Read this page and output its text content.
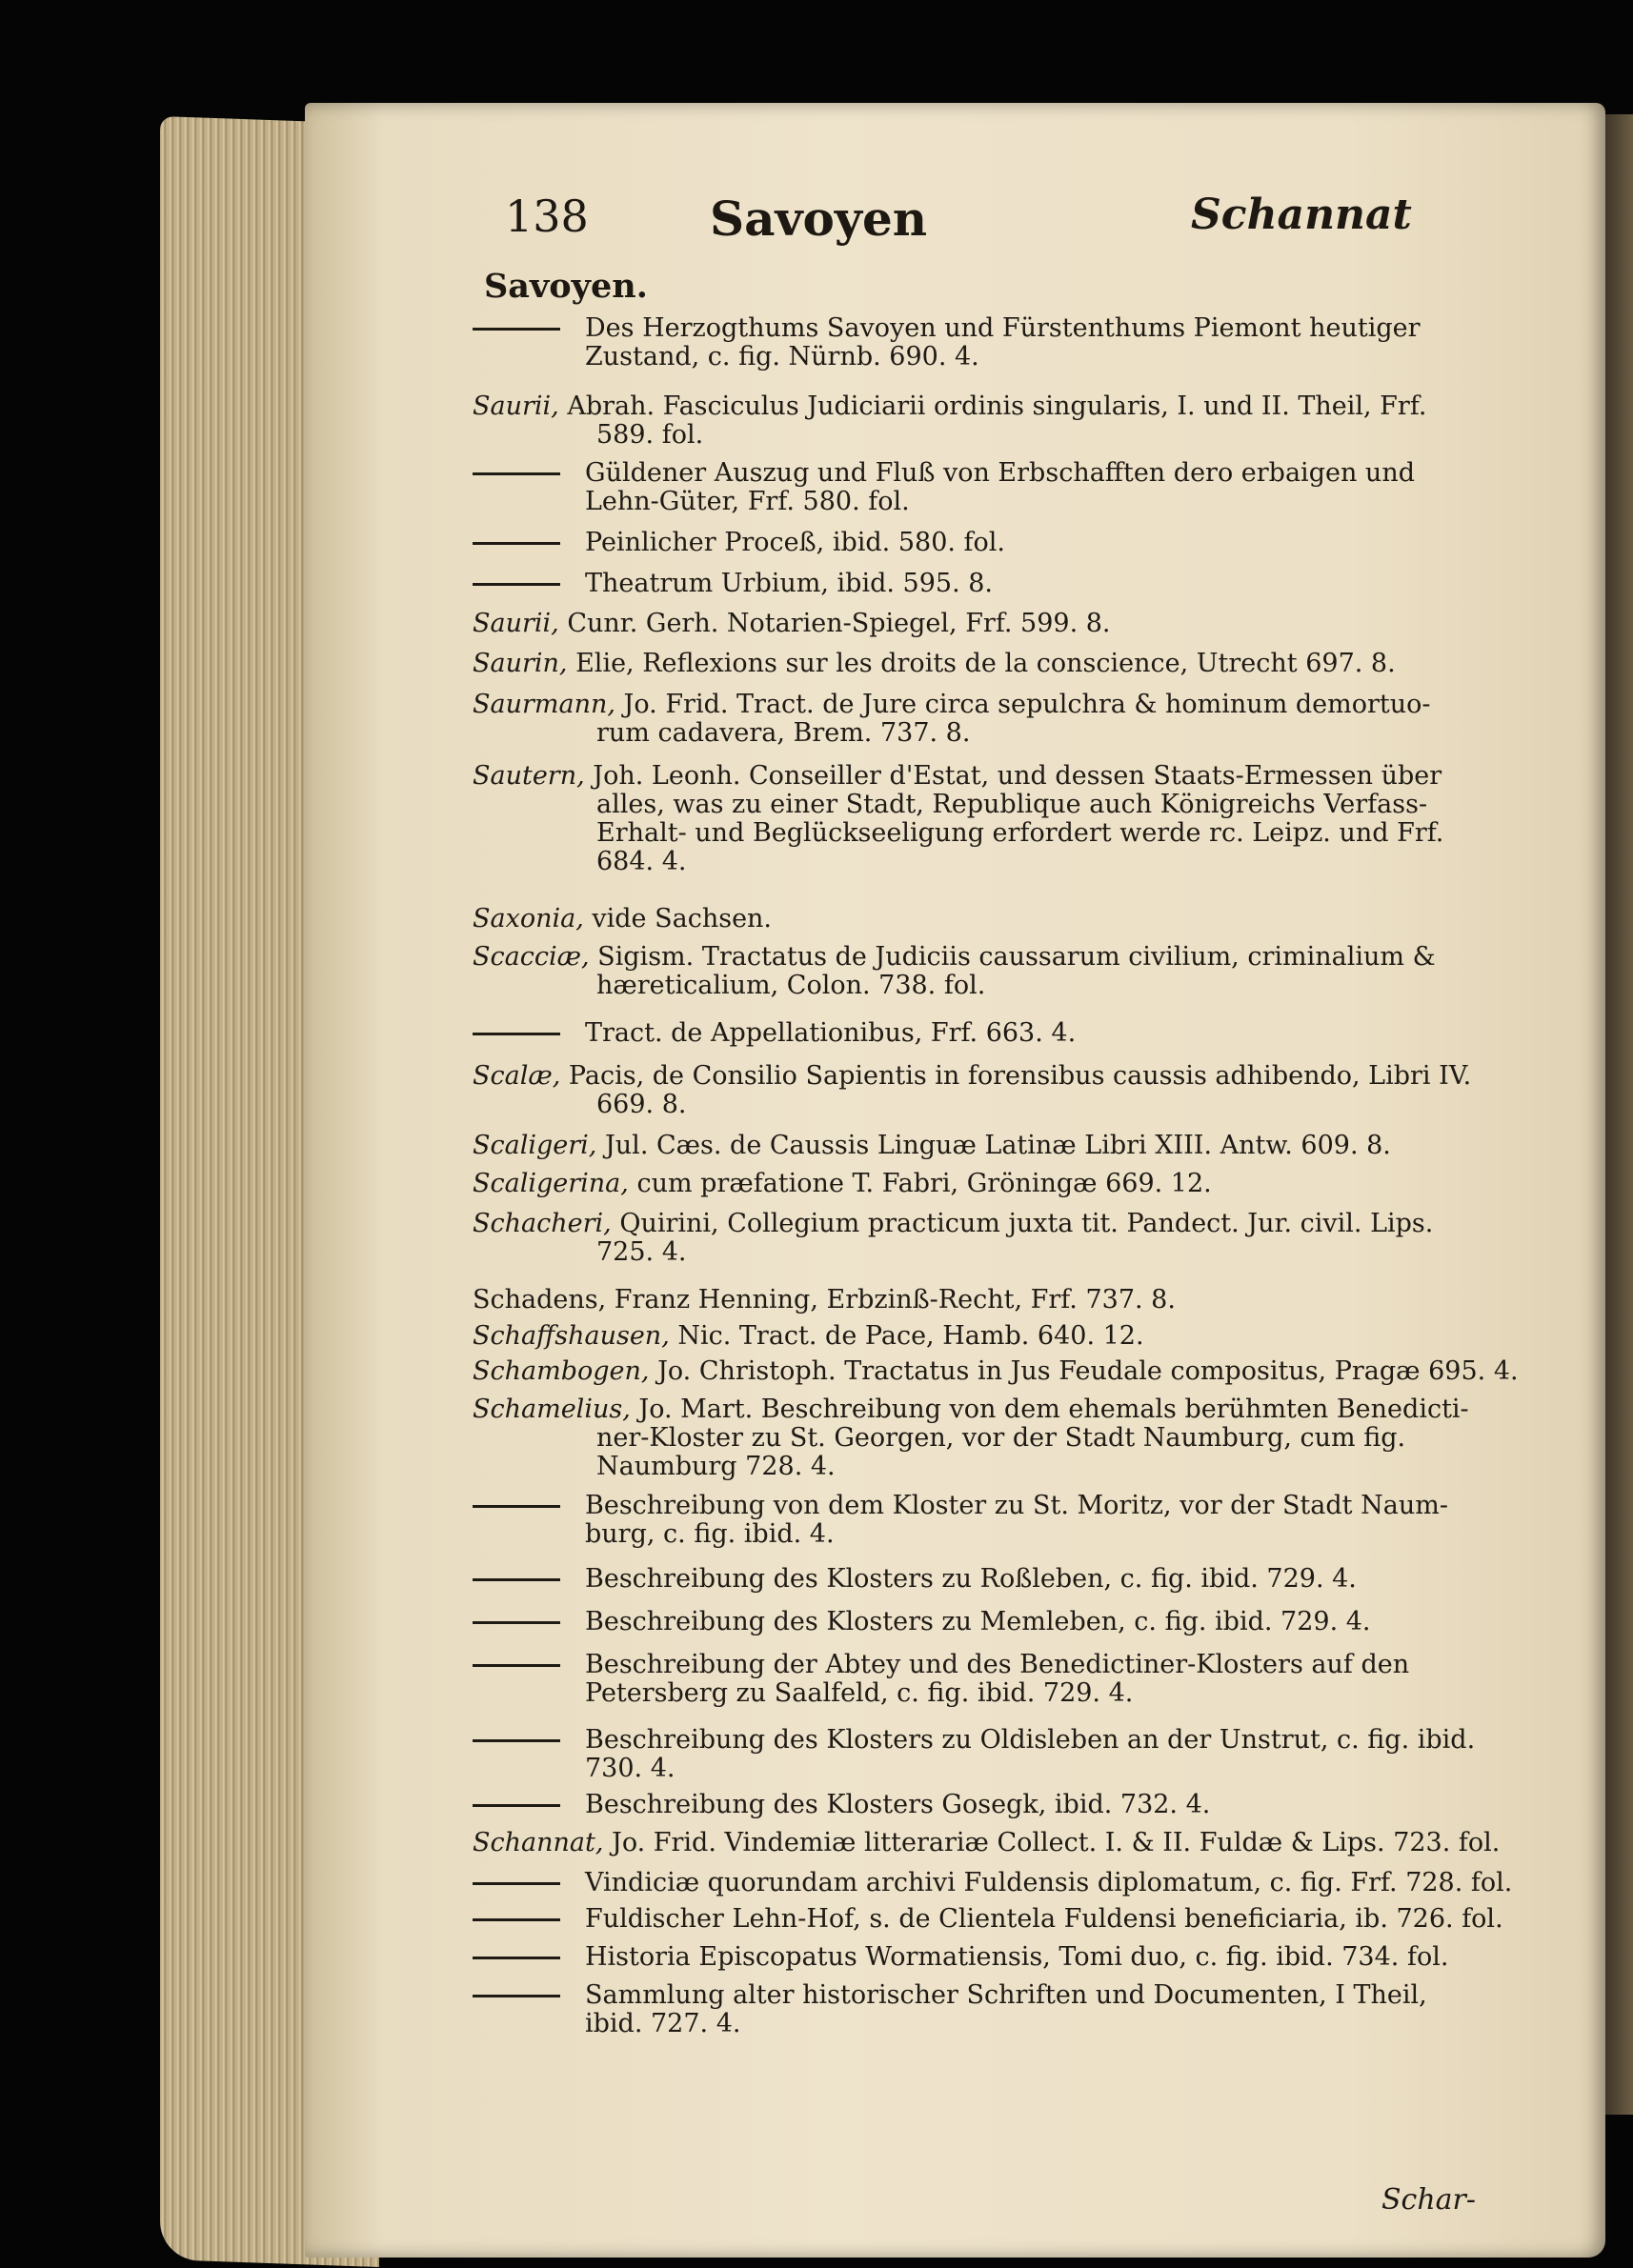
138	Savoyen	Schannat
Savoyen.
Des Herzogthums Savoyen und Fürstenthums Piemont heutiger
Zustand, c. fig. Nürnb. 690. 4.
Saurii, Abrah. Fasciculus Judiciarii ordinis singularis, I. und II. Theil, Frf.
589. fol.
Güldener Auszug und Fluß von Erbschafften dero erbaigen und
Lehn-Güter, Frf. 580. fol.
Peinlicher Proceß, ibid. 580. fol.
Theatrum Urbium, ibid. 595. 8.
Saurii, Cunr. Gerh. Notarien-Spiegel, Frf. 599. 8.
Saurin, Elie, Reflexions sur les droits de la conscience, Utrecht 697. 8.
Saurmann, Jo. Frid. Tract. de Jure circa sepulchra & hominum demortuo-
rum cadavera, Brem. 737. 8.
Sautern, Joh. Leonh. Conseiller d'Estat, und dessen Staats-Ermessen über
alles, was zu einer Stadt, Republique auch Königreichs Verfass-
Erhalt- und Beglückseeligung erfordert werde rc. Leipz. und Frf.
684. 4.
Saxonia, vide Sachsen.
Scacciæ, Sigism. Tractatus de Judiciis caussarum civilium, criminalium &
hæreticalium, Colon. 738. fol.
Tract. de Appellationibus, Frf. 663. 4.
Scalæ, Pacis, de Consilio Sapientis in forensibus caussis adhibendo, Libri IV.
669. 8.
Scaligeri, Jul. Cæs. de Caussis Linguæ Latinæ Libri XIII. Antw. 609. 8.
Scaligerina, cum præfatione T. Fabri, Gröningæ 669. 12.
Schacheri, Quirini, Collegium practicum juxta tit. Pandect. Jur. civil. Lips.
725. 4.
Schadens, Franz Henning, Erbzinß-Recht, Frf. 737. 8.
Schaffshausen, Nic. Tract. de Pace, Hamb. 640. 12.
Schambogen, Jo. Christoph. Tractatus in Jus Feudale compositus, Pragæ 695. 4.
Schamelius, Jo. Mart. Beschreibung von dem ehemals berühmten Benedicti-
ner-Kloster zu St. Georgen, vor der Stadt Naumburg, cum fig.
Naumburg 728. 4.
Beschreibung von dem Kloster zu St. Moritz, vor der Stadt Naum-
burg, c. fig. ibid. 4.
Beschreibung des Klosters zu Roßleben, c. fig. ibid. 729. 4.
Beschreibung des Klosters zu Memleben, c. fig. ibid. 729. 4.
Beschreibung der Abtey und des Benedictiner-Klosters auf den
Petersberg zu Saalfeld, c. fig. ibid. 729. 4.
Beschreibung des Klosters zu Oldisleben an der Unstrut, c. fig. ibid.
730. 4.
Beschreibung des Klosters Gosegk, ibid. 732. 4.
Schannat, Jo. Frid. Vindemiæ litterariæ Collect. I. & II. Fuldæ & Lips. 723. fol.
Vindiciæ quorundam archivi Fuldensis diplomatum, c. fig. Frf. 728. fol.
Fuldischer Lehn-Hof, s. de Clientela Fuldensi beneficiaria, ib. 726. fol.
Historia Episcopatus Wormatiensis, Tomi duo, c. fig. ibid. 734. fol.
Sammlung alter historischer Schriften und Documenten, I Theil,
ibid. 727. 4.
Schar-
